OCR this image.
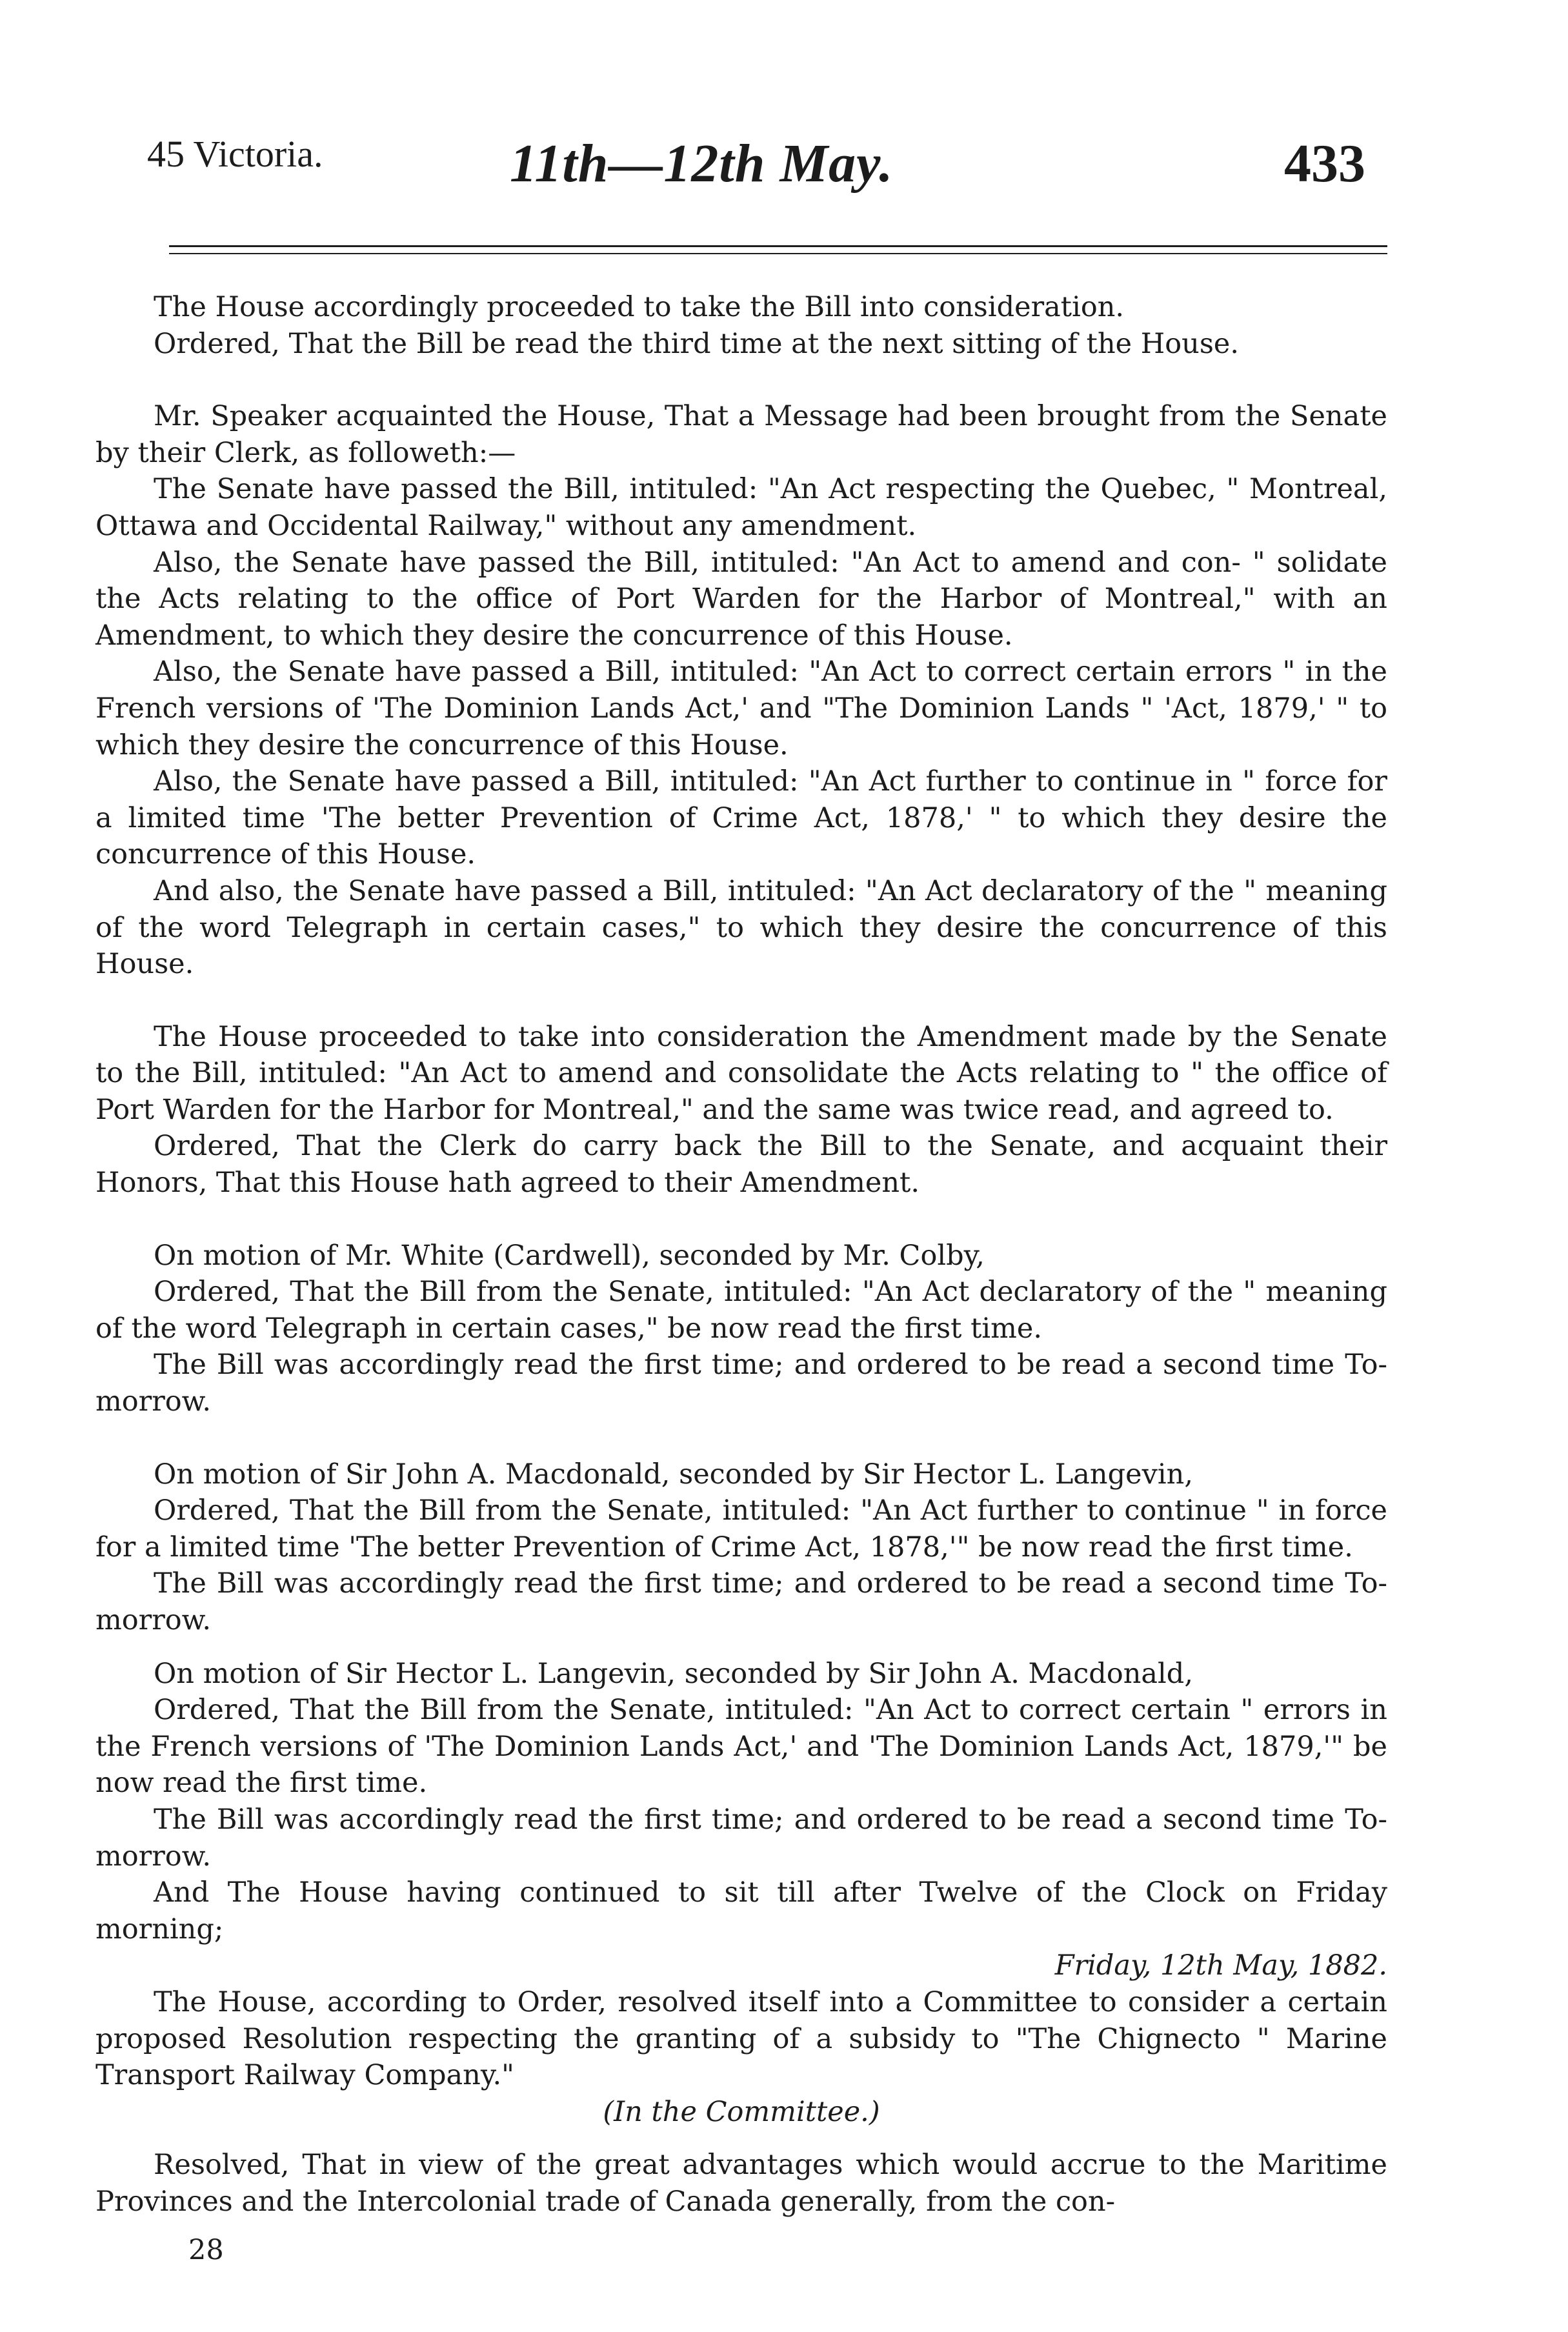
45 Victoria.	11th—12th May.	433

The House accordingly proceeded to take the Bill into consideration.

Ordered, That the Bill be read the third time at the next sitting of the House.

Mr. Speaker acquainted the House, That a Message had been brought from the Senate by their Clerk, as followeth:—

The Senate have passed the Bill, intituled: "An Act respecting the Quebec, " Montreal, Ottawa and Occidental Railway," without any amendment.

Also, the Senate have passed the Bill, intituled: "An Act to amend and con- " solidate the Acts relating to the office of Port Warden for the Harbor of Montreal," with an Amendment, to which they desire the concurrence of this House.

Also, the Senate have passed a Bill, intituled: "An Act to correct certain errors " in the French versions of 'The Dominion Lands Act,' and "The Dominion Lands " 'Act, 1879,' " to which they desire the concurrence of this House.

Also, the Senate have passed a Bill, intituled: "An Act further to continue in " force for a limited time 'The better Prevention of Crime Act, 1878,' " to which they desire the concurrence of this House.

And also, the Senate have passed a Bill, intituled: "An Act declaratory of the " meaning of the word Telegraph in certain cases," to which they desire the concurrence of this House.

The House proceeded to take into consideration the Amendment made by the Senate to the Bill, intituled: "An Act to amend and consolidate the Acts relating to " the office of Port Warden for the Harbor for Montreal," and the same was twice read, and agreed to.

Ordered, That the Clerk do carry back the Bill to the Senate, and acquaint their Honors, That this House hath agreed to their Amendment.

On motion of Mr. White (Cardwell), seconded by Mr. Colby,

Ordered, That the Bill from the Senate, intituled: "An Act declaratory of the " meaning of the word Telegraph in certain cases," be now read the first time.

The Bill was accordingly read the first time; and ordered to be read a second time To-morrow.

On motion of Sir John A. Macdonald, seconded by Sir Hector L. Langevin,

Ordered, That the Bill from the Senate, intituled: "An Act further to continue " in force for a limited time 'The better Prevention of Crime Act, 1878,'" be now read the first time.

The Bill was accordingly read the first time; and ordered to be read a second time To-morrow.

On motion of Sir Hector L. Langevin, seconded by Sir John A. Macdonald,

Ordered, That the Bill from the Senate, intituled: "An Act to correct certain " errors in the French versions of 'The Dominion Lands Act,' and 'The Dominion Lands Act, 1879,'" be now read the first time.

The Bill was accordingly read the first time; and ordered to be read a second time To-morrow.

And The House having continued to sit till after Twelve of the Clock on Friday morning;

Friday, 12th May, 1882.

The House, according to Order, resolved itself into a Committee to consider a certain proposed Resolution respecting the granting of a subsidy to "The Chignecto " Marine Transport Railway Company."

(In the Committee.)

Resolved, That in view of the great advantages which would accrue to the Maritime Provinces and the Intercolonial trade of Canada generally, from the con-

28
